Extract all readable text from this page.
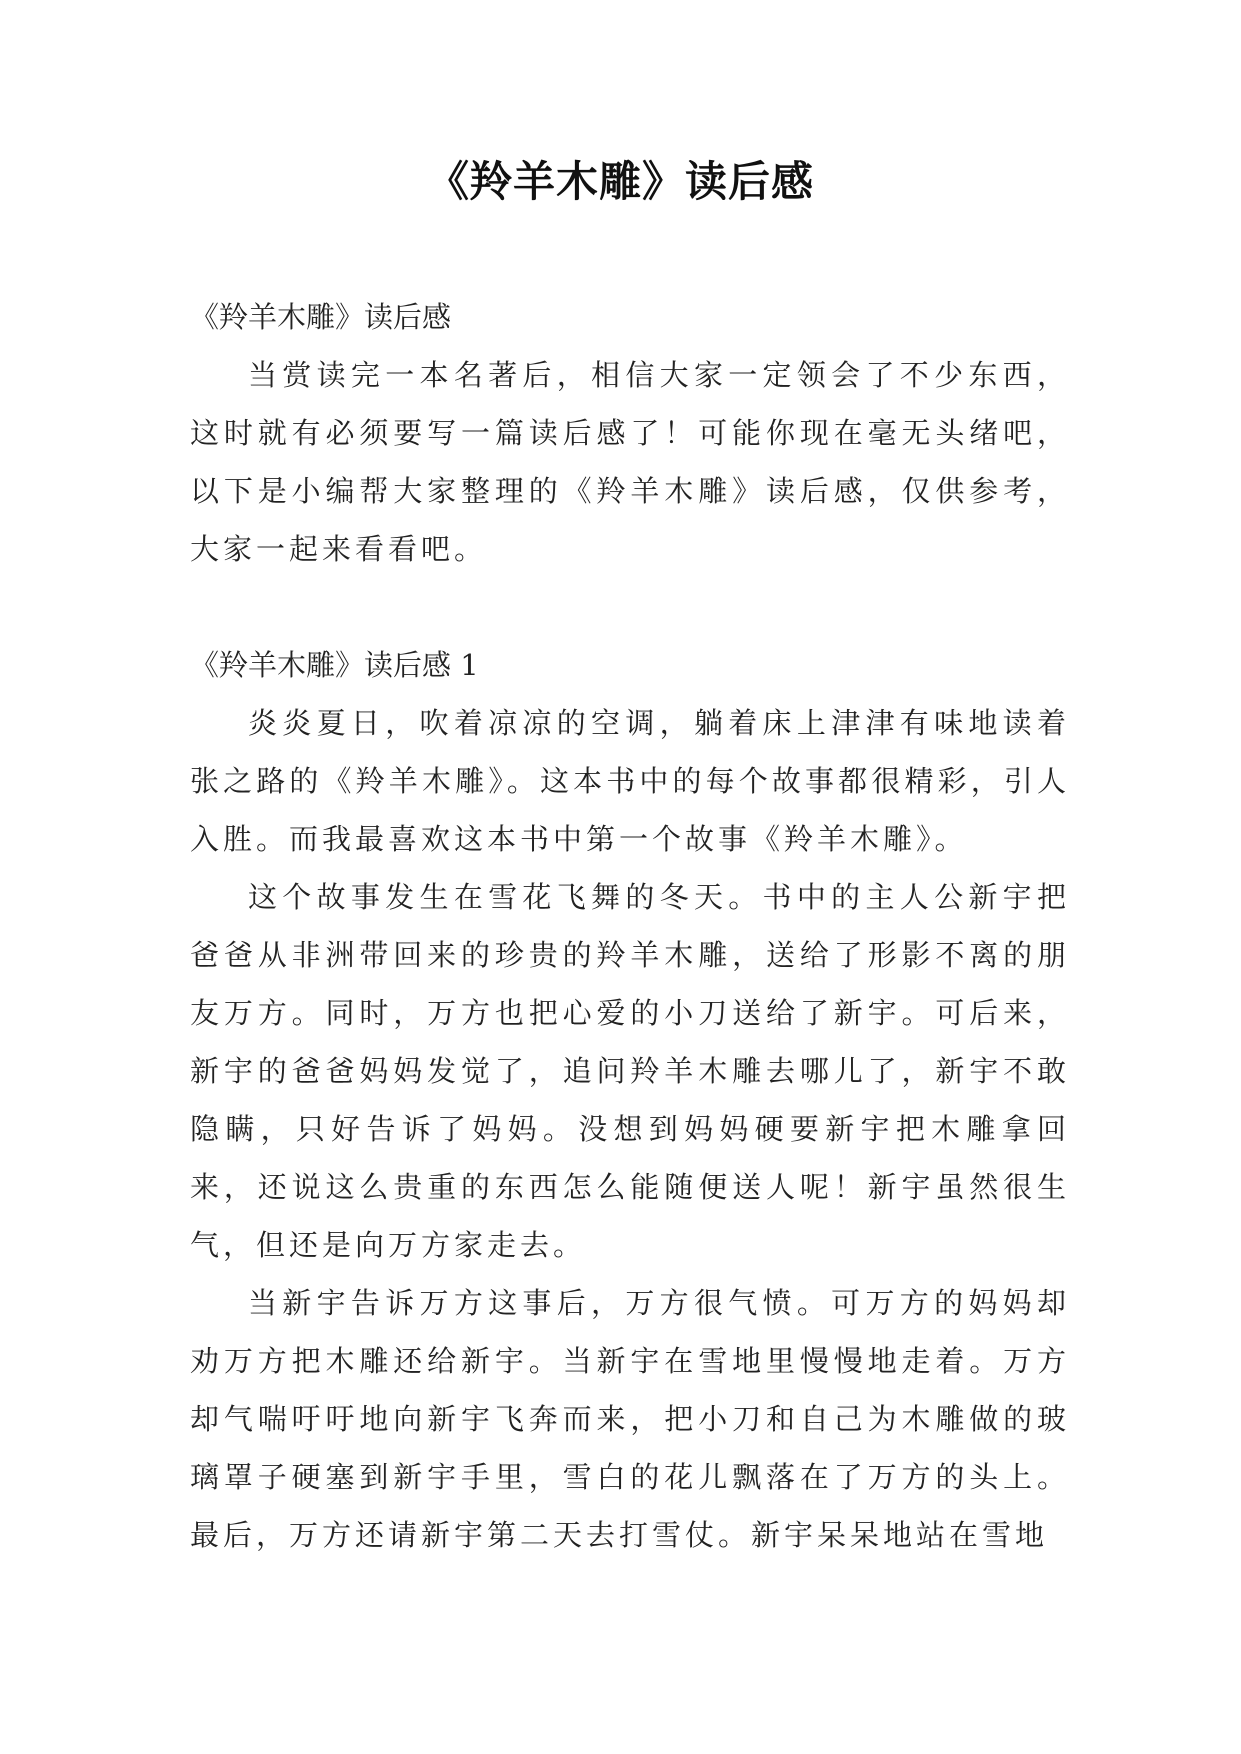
《羚羊木雕》读后感

《羚羊木雕》读后感

当赏读完一本名著后，相信大家一定领会了不少东西，这时就有必须要写一篇读后感了！可能你现在毫无头绪吧，以下是小编帮大家整理的《羚羊木雕》读后感，仅供参考，大家一起来看看吧。

《羚羊木雕》读后感 1

炎炎夏日，吹着凉凉的空调，躺着床上津津有味地读着张之路的《羚羊木雕》。这本书中的每个故事都很精彩，引人入胜。而我最喜欢这本书中第一个故事《羚羊木雕》。

这个故事发生在雪花飞舞的冬天。书中的主人公新宇把爸爸从非洲带回来的珍贵的羚羊木雕，送给了形影不离的朋友万方。同时，万方也把心爱的小刀送给了新宇。可后来，新宇的爸爸妈妈发觉了，追问羚羊木雕去哪儿了，新宇不敢隐瞒，只好告诉了妈妈。没想到妈妈硬要新宇把木雕拿回来，还说这么贵重的东西怎么能随便送人呢！新宇虽然很生气，但还是向万方家走去。

当新宇告诉万方这事后，万方很气愤。可万方的妈妈却劝万方把木雕还给新宇。当新宇在雪地里慢慢地走着。万方却气喘吁吁地向新宇飞奔而来，把小刀和自己为木雕做的玻璃罩子硬塞到新宇手里，雪白的花儿飘落在了万方的头上。最后，万方还请新宇第二天去打雪仗。新宇呆呆地站在雪地
